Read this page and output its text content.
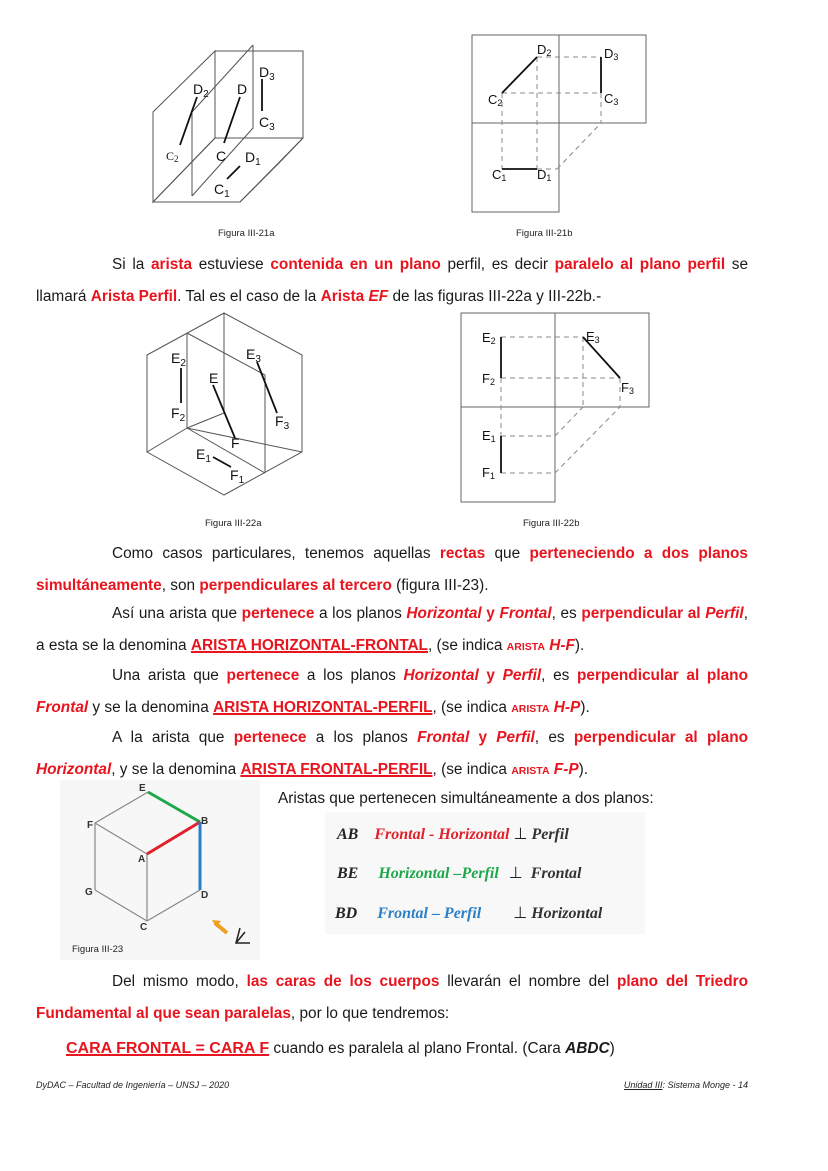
$D_3$
$D_2$ D
$C_3$
C2	C $D_1$
$C_1$
Figura III-21a
D2	D3
C2	C3
C1 D1
Figura III-21b
Si la arista estuviese contenida en un plano perfil, es decir paralelo al plano perfil se llamará Arista Perfil. Tal es el caso de la Arista EF de las figuras III-22a y III-22b.-
$E_2$
$E_3$
E
$F_2$	$F_3$
F
$E_1$
$F_1$
Figura III-22a
E2	E3
F2	F3
E1
F1
Figura III-22b
Como casos particulares, tenemos aquellas rectas que perteneciendo a dos planos simultáneamente, son perpendiculares al tercero (figura III-23).
Así una arista que pertenece a los planos Horizontal y Frontal, es perpendicular al Perfil, a esta se la denomina ARISTA HORIZONTAL-FRONTAL, (se indica ARISTA H-F).
Una arista que pertenece a los planos Horizontal y Perfil, es perpendicular al plano Frontal y se la denomina ARISTA HORIZONTAL-PERFIL, (se indica ARISTA H-P).
A la arista que pertenece a los planos Frontal y Perfil, es perpendicular al plano Horizontal, y se la denomina ARISTA FRONTAL-PERFIL, (se indica ARISTA F-P).
E
F	B
A
G	D
C
Figura III-23
Aristas que pertenecen simultáneamente a dos planos:
AB Frontal - Horizontal ⊥ Perfil
BE Horizontal –Perfil ⊥ Frontal
BD Frontal – Perfil ⊥ Horizontal
Del mismo modo, las caras de los cuerpos llevarán el nombre del plano del Triedro Fundamental al que sean paralelas, por lo que tendremos:
CARA FRONTAL = CARA F cuando es paralela al plano Frontal. (Cara ABDC)
DyDAC – Facultad de Ingeniería – UNSJ – 2020	Unidad III: Sistema Monge - 14
